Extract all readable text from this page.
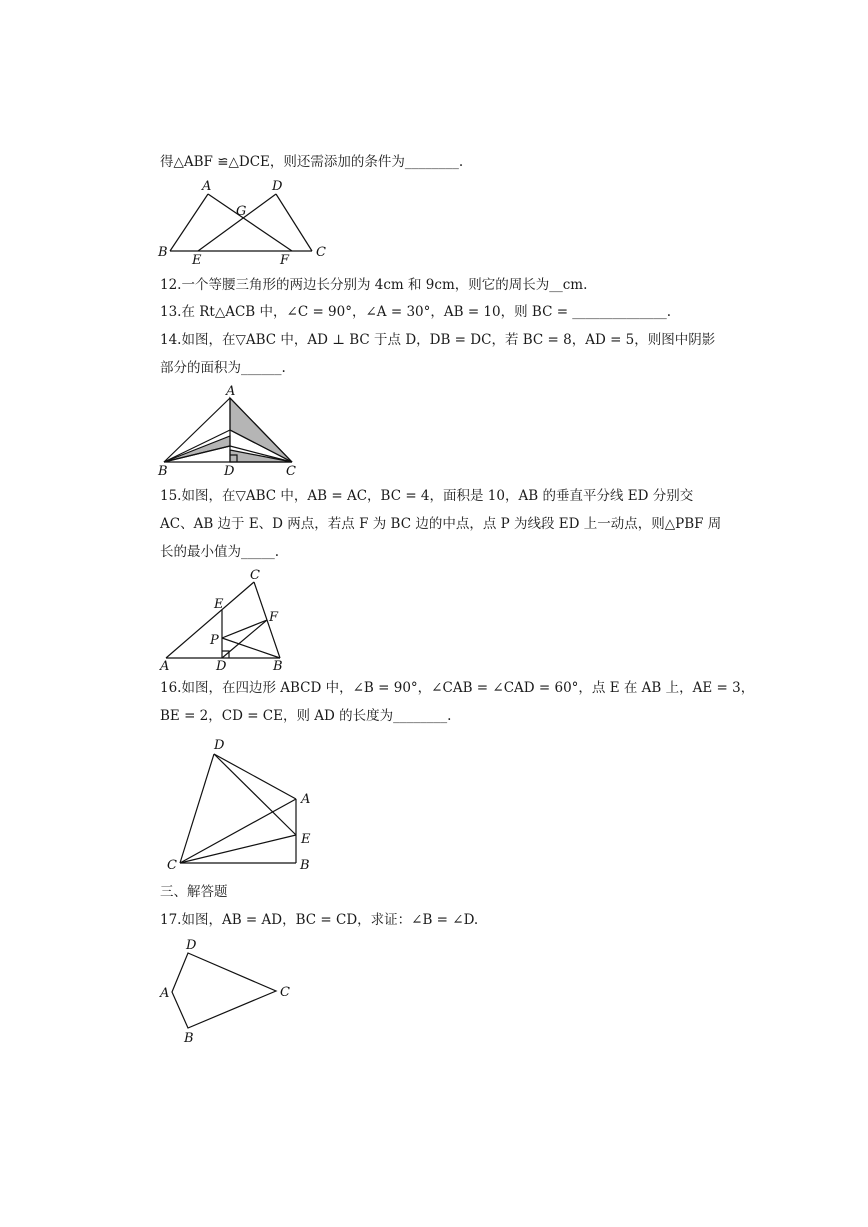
得△ABF ≌△DCE，则还需添加的条件为________.
A	D
G
B
E	F
C
12.一个等腰三角形的两边长分别为 4cm 和 9cm，则它的周长为__cm.
13.在 Rt△ACB 中，∠C = 90°，∠A = 30°，AB = 10，则 BC = ______________.
14.如图，在▽ABC 中，AD ⊥ BC 于点 D，DB = DC，若 BC = 8，AD = 5，则图中阴影
部分的面积为______.
A
B	D	C
15.如图，在▽ABC 中，AB = AC，BC = 4，面积是 10，AB 的垂直平分线 ED 分别交
AC、AB 边于 E、D 两点，若点 F 为 BC 边的中点，点 P 为线段 ED 上一动点，则△PBF 周
长的最小值为_____.
C
E
F
P
A	D	B
16.如图，在四边形 ABCD 中，∠B = 90°，∠CAB = ∠CAD = 60°，点 E 在 AB 上，AE = 3，
BE = 2，CD = CE，则 AD 的长度为________.
D
A
E
C	B
三、解答题
17.如图，AB = AD，BC = CD，求证：∠B = ∠D.
D
A	C
B
